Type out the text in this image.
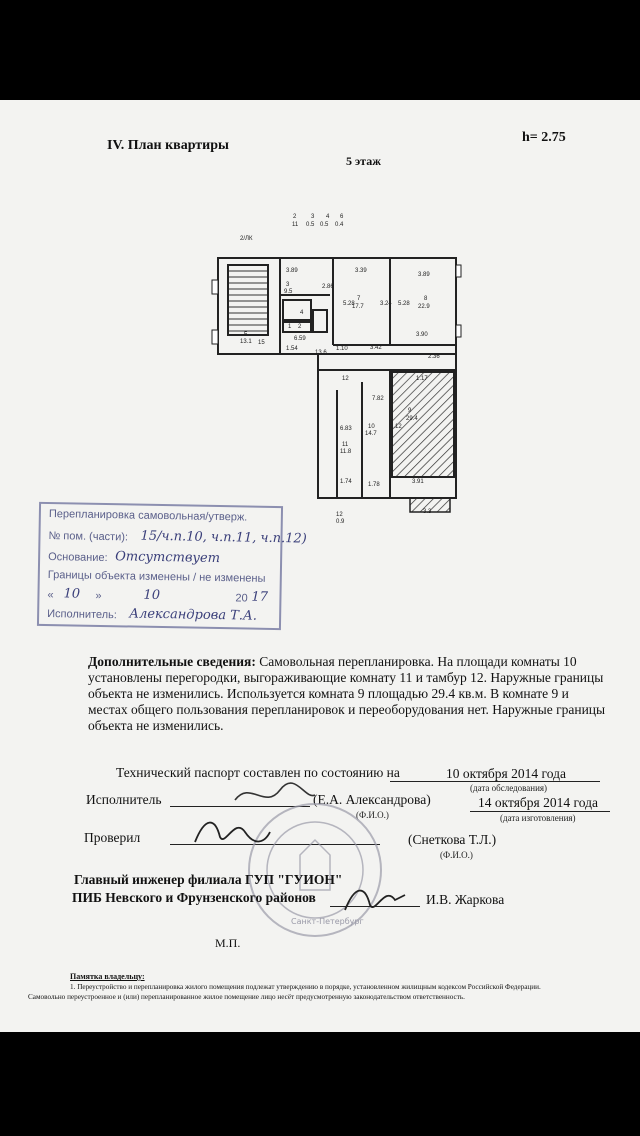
IV. План квартиры
h= 2.75
5 этаж
2 3 4 6
11 0.5 0.5 0.4
2/ЛК
3.89	3.39
3.89
3
9.5
7
17.7
8
22.9
5
13.1
2.86
5.28	3.24 5.28
3.90
3.42
2.36
1.54
13.6
6.59
1.10
4
2
1
15
12	1.17
7.82
6.83	10
14.7
9
29.4
11
11.8
1.74	1.78	3.91
3.12
3.3
12
0.9
Перепланировка самовольная/утверж.
№ пом. (части): 15/ч.п.10, ч.п.11, ч.п.12)
Основание: Отсутствует
Границы объекта изменены / не изменены
« 10 »	10	20 17
Исполнитель: Александрова Т.А.
Дополнительные сведения: Самовольная перепланировка. На площади комнаты 10 установлены перегородки, выгораживающие комнату 11 и тамбур 12. Наружные границы объекта не изменились. Используется комната 9 площадью 29.4 кв.м. В комнате 9 и местах общего пользования перепланировок и переоборудования нет. Наружные границы объекта не изменились.
Технический паспорт составлен по состоянию на	10 октября 2014 года
(дата обследования)
Исполнитель	(Е.А. Александрова)
(Ф.И.О.)
14 октября 2014 года
(дата изготовления)
Проверил	(Снеткова Т.Л.)
(Ф.И.О.)
Санкт-Петербург
Главный инженер филиала ГУП "ГУИОН"
ПИБ Невского и Фрунзенского районов	И.В. Жаркова
М.П.
Памятка владельцу:
1. Переустройство и перепланировка жилого помещения подлежат утверждению в порядке, установленном жилищным кодексом Российской Федерации.
Самовольно переустроенное и (или) перепланированное жилое помещение лицо несёт предусмотренную законодательством ответственность.
